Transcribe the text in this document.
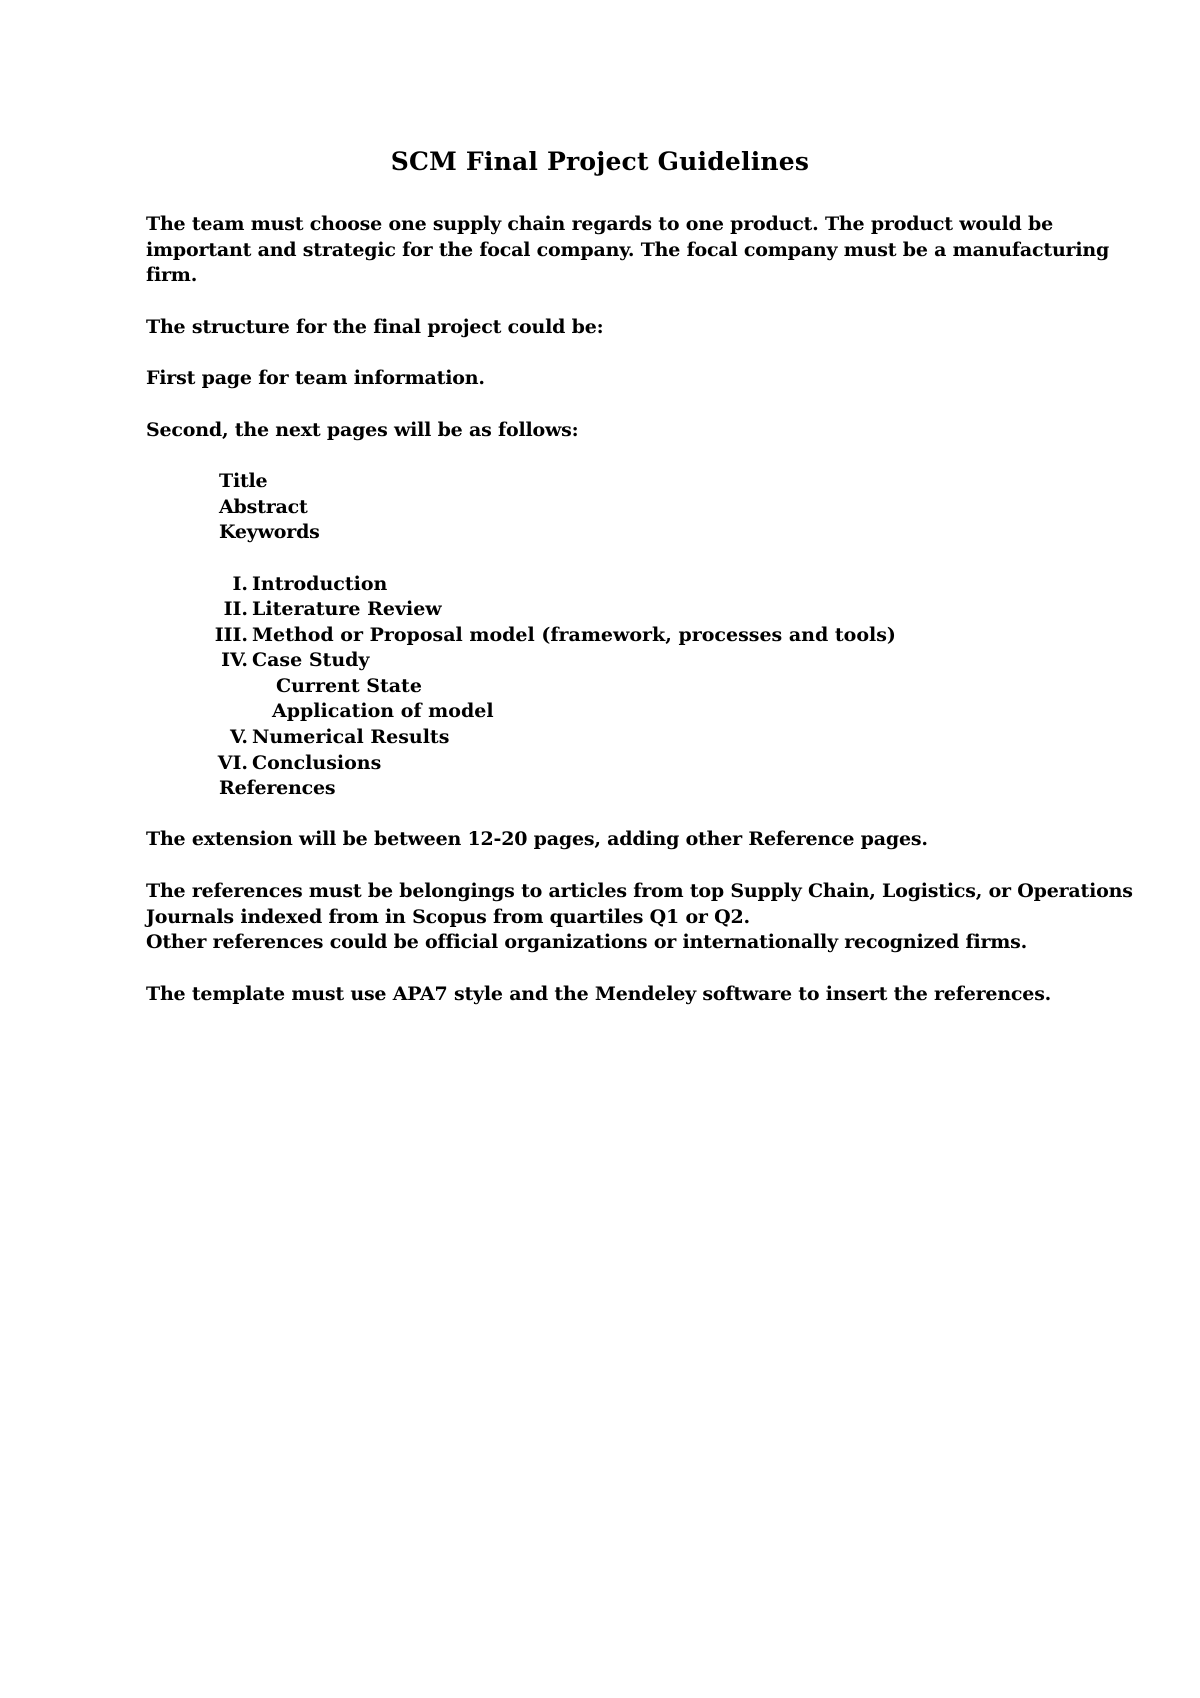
SCM Final Project Guidelines
The team must choose one supply chain regards to one product. The product would be
important and strategic for the focal company. The focal company must be a manufacturing
firm.
The structure for the final project could be:
First page for team information.
Second, the next pages will be as follows:
Title
Abstract
Keywords
I. Introduction
II. Literature Review
III. Method or Proposal model (framework, processes and tools)
IV. Case Study
Current State
Application of model
V. Numerical Results
VI. Conclusions
References
The extension will be between 12-20 pages, adding other Reference pages.
The references must be belongings to articles from top Supply Chain, Logistics, or Operations
Journals indexed from in Scopus from quartiles Q1 or Q2.
Other references could be official organizations or internationally recognized firms.
The template must use APA7 style and the Mendeley software to insert the references.
